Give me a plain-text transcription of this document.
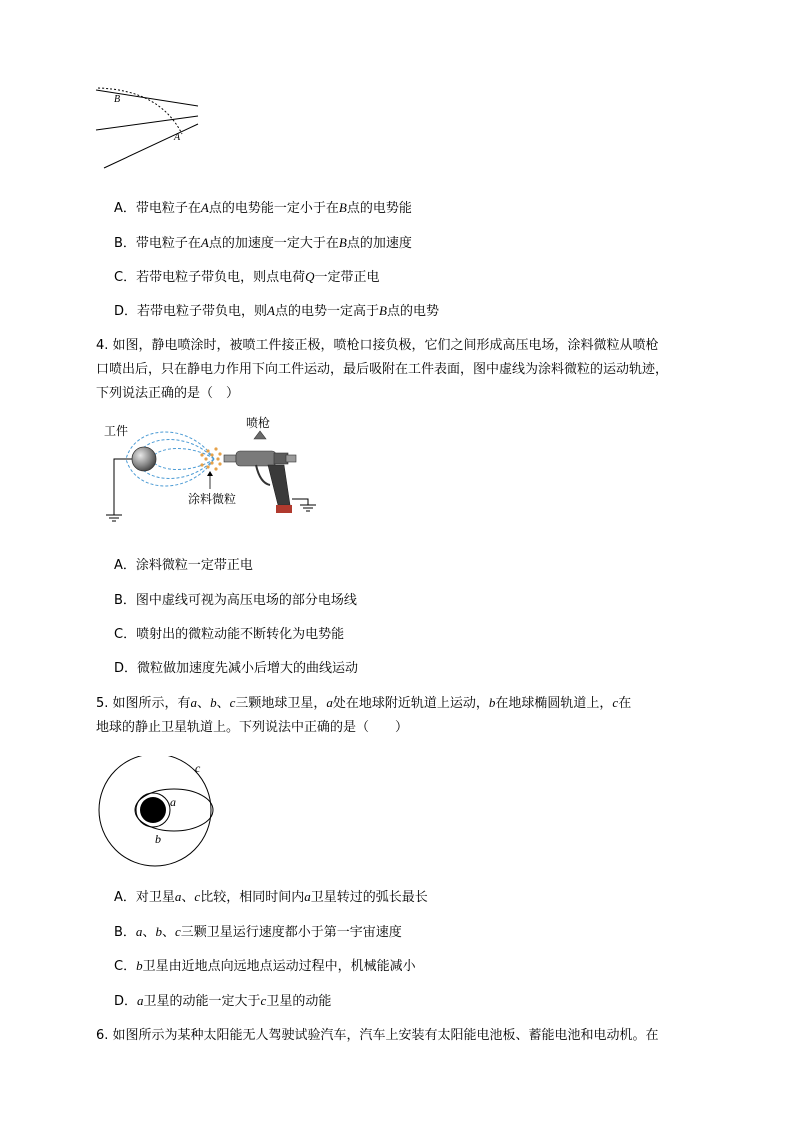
B
A
A．带电粒子在A点的电势能一定小于在B点的电势能
B．带电粒子在A点的加速度一定大于在B点的加速度
C．若带电粒子带负电，则点电荷Q一定带正电
D．若带电粒子带负电，则A点的电势一定高于B点的电势
4. 如图，静电喷涂时，被喷工件接正极，喷枪口接负极，它们之间形成高压电场，涂料微粒从喷枪
口喷出后，只在静电力作用下向工件运动，最后吸附在工件表面，图中虚线为涂料微粒的运动轨迹，
下列说法正确的是（　）
工件
喷枪
涂料微粒
A．涂料微粒一定带正电
B．图中虚线可视为高压电场的部分电场线
C．喷射出的微粒动能不断转化为电势能
D．微粒做加速度先减小后增大的曲线运动
5. 如图所示，有a、b、c三颗地球卫星，a处在地球附近轨道上运动，b在地球椭圆轨道上，c在
地球的静止卫星轨道上。下列说法中正确的是（　　）
c
a
b
A．对卫星a、c比较，相同时间内a卫星转过的弧长最长
B．a、b、c三颗卫星运行速度都小于第一宇宙速度
C．b卫星由近地点向远地点运动过程中，机械能减小
D．a卫星的动能一定大于c卫星的动能
6. 如图所示为某种太阳能无人驾驶试验汽车，汽车上安装有太阳能电池板、蓄能电池和电动机。在
